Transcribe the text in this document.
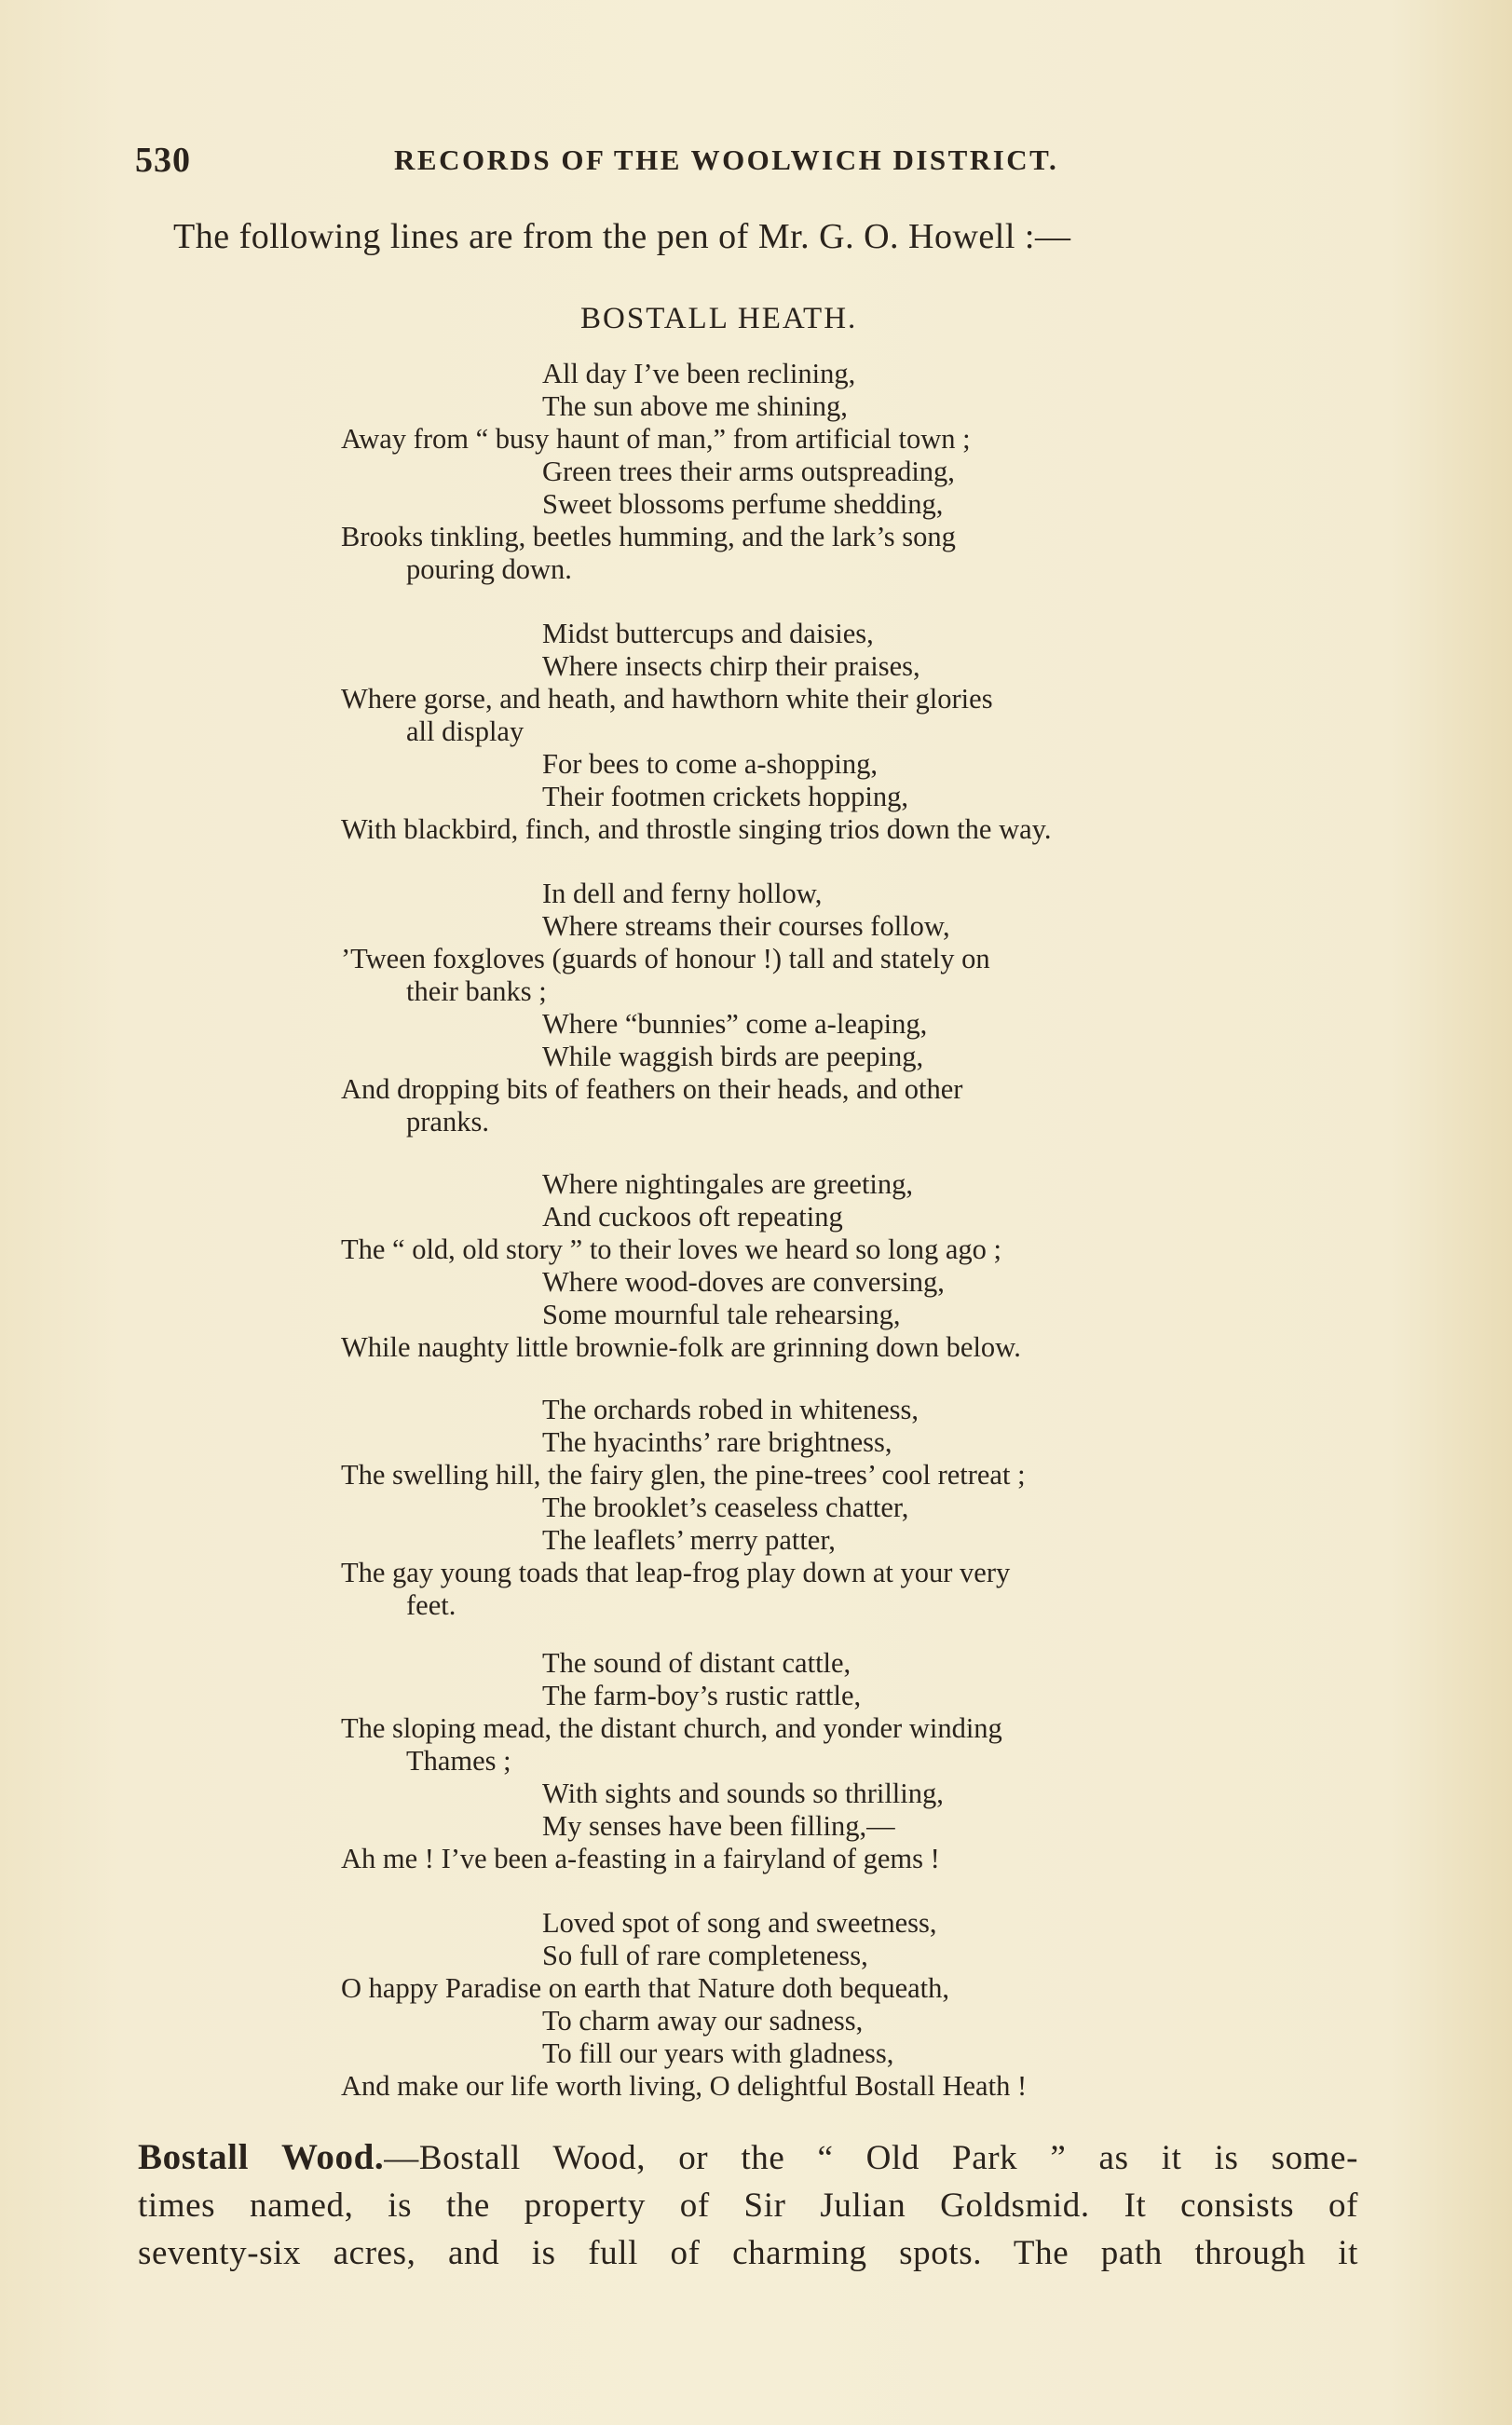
530	RECORDS OF THE WOOLWICH DISTRICT.
The following lines are from the pen of Mr. G. O. Howell :—
BOSTALL HEATH.
All day I’ve been reclining,
The sun above me shining,
Away from “ busy haunt of man,” from artificial town ;
Green trees their arms outspreading,
Sweet blossoms perfume shedding,
Brooks tinkling, beetles humming, and the lark’s song
pouring down.
Midst buttercups and daisies,
Where insects chirp their praises,
Where gorse, and heath, and hawthorn white their glories
all display
For bees to come a-shopping,
Their footmen crickets hopping,
With blackbird, finch, and throstle singing trios down the way.
In dell and ferny hollow,
Where streams their courses follow,
’Tween foxgloves (guards of honour !) tall and stately on
their banks ;
Where “bunnies” come a-leaping,
While waggish birds are peeping,
And dropping bits of feathers on their heads, and other
pranks.
Where nightingales are greeting,
And cuckoos oft repeating
The “ old, old story ” to their loves we heard so long ago ;
Where wood-doves are conversing,
Some mournful tale rehearsing,
While naughty little brownie-folk are grinning down below.
The orchards robed in whiteness,
The hyacinths’ rare brightness,
The swelling hill, the fairy glen, the pine-trees’ cool retreat ;
The brooklet’s ceaseless chatter,
The leaflets’ merry patter,
The gay young toads that leap-frog play down at your very
feet.
The sound of distant cattle,
The farm-boy’s rustic rattle,
The sloping mead, the distant church, and yonder winding
Thames ;
With sights and sounds so thrilling,
My senses have been filling,—
Ah me ! I’ve been a-feasting in a fairyland of gems !
Loved spot of song and sweetness,
So full of rare completeness,
O happy Paradise on earth that Nature doth bequeath,
To charm away our sadness,
To fill our years with gladness,
And make our life worth living, O delightful Bostall Heath !
Bostall Wood.—Bostall Wood, or the “ Old Park ” as it is some-
times named, is the property of Sir Julian Goldsmid. It consists of
seventy-six acres, and is full of charming spots. The path through it
